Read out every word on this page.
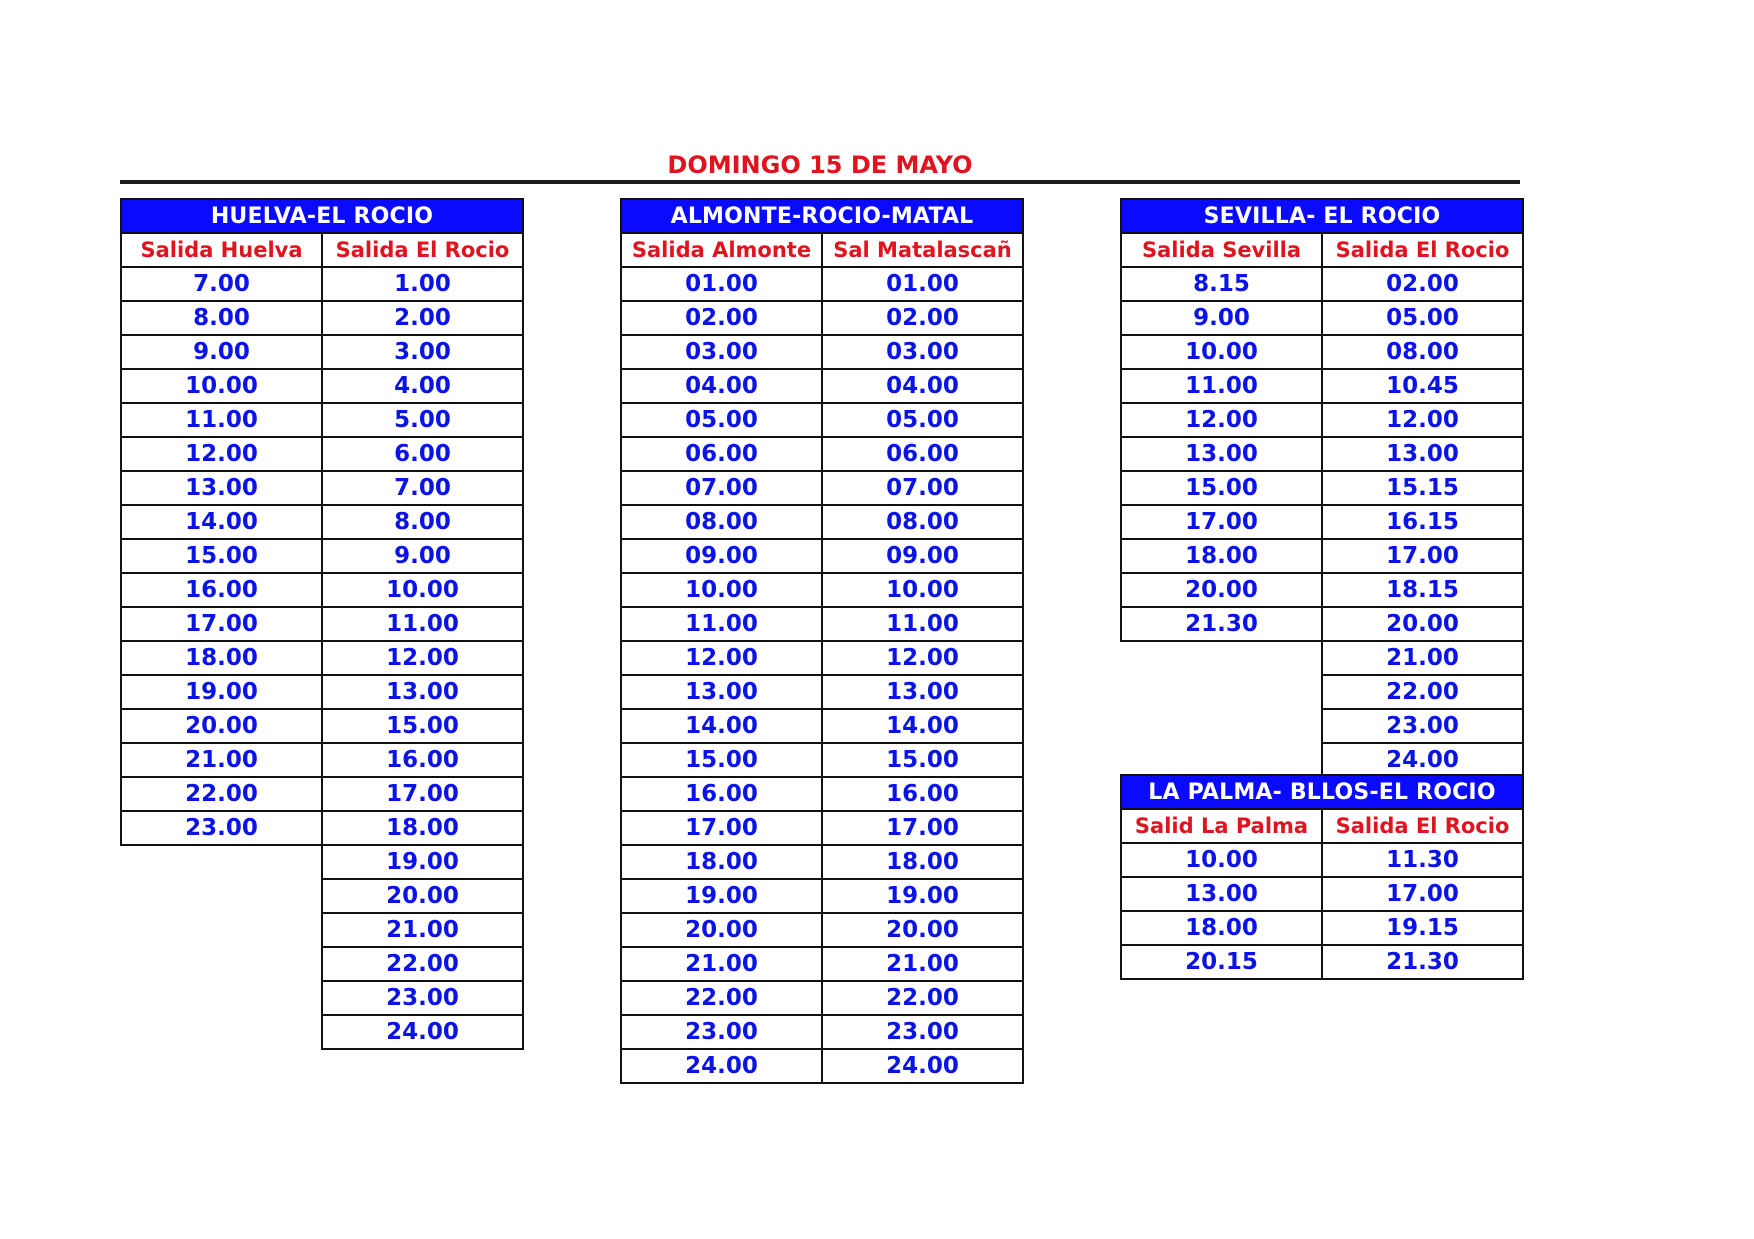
DOMINGO 15 DE MAYO
HUELVA-EL ROCIO	
Salida Huelva	Salida El Rocio
7.00	1.00
8.00	2.00
9.00	3.00
10.00	4.00
11.00	5.00
12.00	6.00
13.00	7.00
14.00	8.00
15.00	9.00
16.00	10.00
17.00	11.00
18.00	12.00
19.00	13.00
20.00	15.00
21.00	16.00
22.00	17.00
23.00	18.00
	19.00
	20.00
	21.00
	22.00
	23.00
	24.00
ALMONTE-ROCIO-MATAL	
Salida Almonte	Sal Matalascañ
01.00	01.00
02.00	02.00
03.00	03.00
04.00	04.00
05.00	05.00
06.00	06.00
07.00	07.00
08.00	08.00
09.00	09.00
10.00	10.00
11.00	11.00
12.00	12.00
13.00	13.00
14.00	14.00
15.00	15.00
16.00	16.00
17.00	17.00
18.00	18.00
19.00	19.00
20.00	20.00
21.00	21.00
22.00	22.00
23.00	23.00
24.00	24.00
SEVILLA- EL ROCIO	
Salida Sevilla	Salida El Rocio
8.15	02.00
9.00	05.00
10.00	08.00
11.00	10.45
12.00	12.00
13.00	13.00
15.00	15.15
17.00	16.15
18.00	17.00
20.00	18.15
21.30	20.00
	21.00
	22.00
	23.00
	24.00
LA PALMA- BLLOS-EL ROCIO	
Salid La Palma	Salida El Rocio
10.00	11.30
13.00	17.00
18.00	19.15
20.15	21.30
